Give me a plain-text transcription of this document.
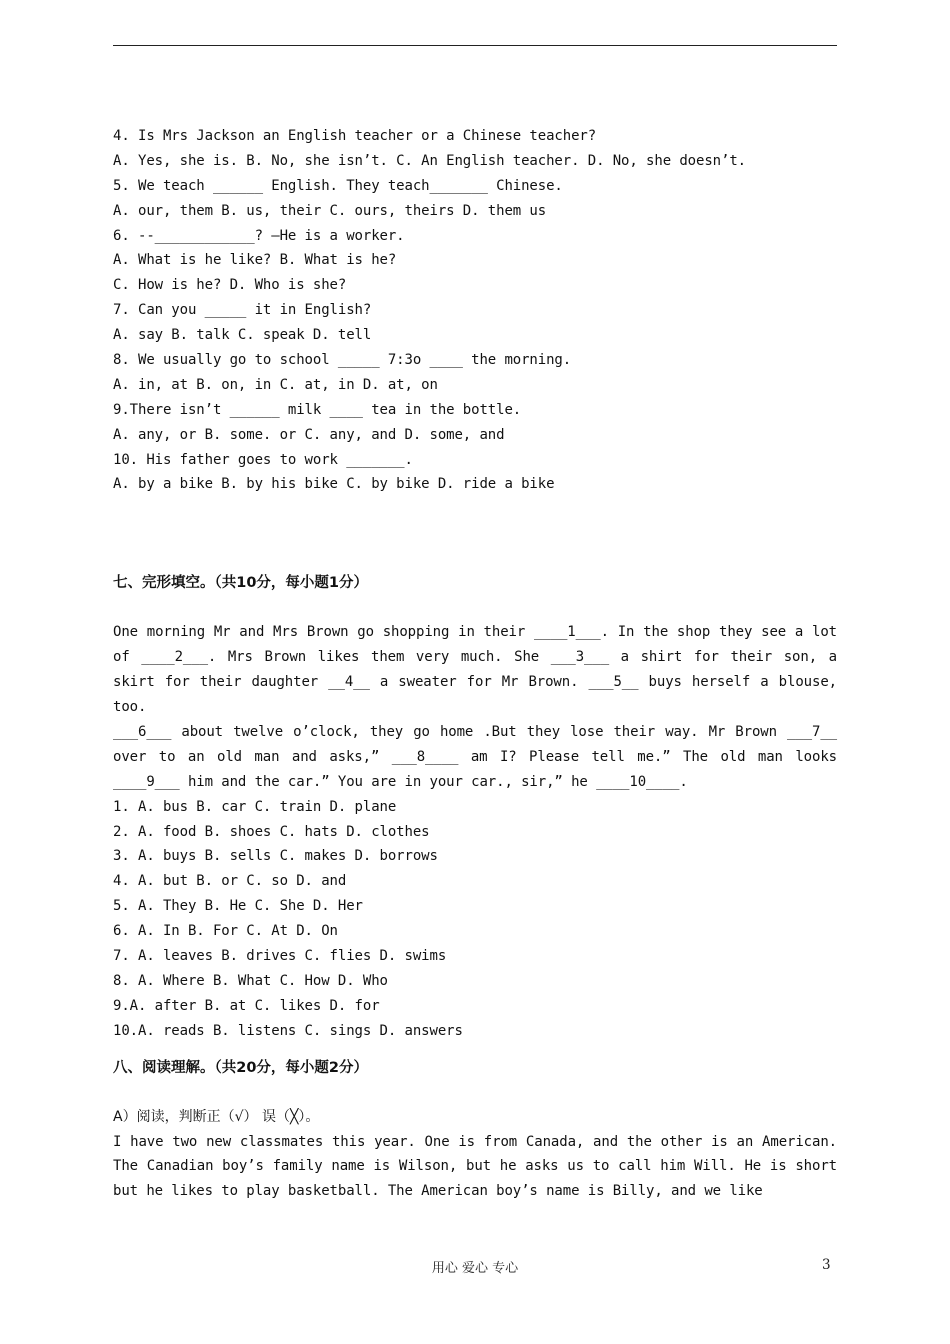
4. Is Mrs Jackson an English teacher or a Chinese teacher?
A. Yes, she is. B. No, she isn’t. C. An English teacher. D. No, she doesn’t.
5. We teach ______ English. They teach_______ Chinese.
A. our, them B. us, their C. ours, theirs D. them us
6. --____________? –He is a worker.
A. What is he like? B. What is he?
C. How is he? D. Who is she?
7. Can you _____ it in English?
A. say B. talk C. speak D. tell
8. We usually go to school _____ 7:3o ____ the morning.
A. in, at B. on, in C. at, in D. at, on
9.There isn’t ______ milk ____ tea in the bottle.
A. any, or B. some. or C. any, and D. some, and
10. His father goes to work _______.
A. by a bike B. by his bike C. by bike D. ride a bike
七、完形填空。（共10分，每小题1分）

One morning Mr and Mrs Brown go shopping in their ____1___. In the shop they see a lot of ____2___. Mrs Brown likes them very much. She ___3___ a shirt for their son, a skirt for their daughter __4__ a sweater for Mr Brown. ___5__ buys herself a blouse, too.

___6___ about twelve o’clock, they go home .But they lose their way. Mr Brown ___7__ over to an old man and asks,” ___8____ am I? Please tell me.” The old man looks ____9___ him and the car.” You are in your car., sir,” he ____10____.

1. A. bus B. car C. train D. plane
2. A. food B. shoes C. hats D. clothes
3. A. buys B. sells C. makes D. borrows
4. A. but B. or C. so D. and
5. A. They B. He C. She D. Her
6. A. In B. For C. At D. On
7. A. leaves B. drives C. flies D. swims
8. A. Where B. What C. How D. Who
9.A. after B. at C. likes D. for
10.A. reads B. listens C. sings D. answers
八、阅读理解。（共20分，每小题2分）
A）阅读，判断正（√） 误（╳）。

I have two new classmates this year. One is from Canada, and the other is an American. The Canadian boy’s family name is Wilson, but he asks us to call him Will. He is short but he likes to play basketball. The American boy’s name is Billy, and we like

用心 爱心 专心	3
